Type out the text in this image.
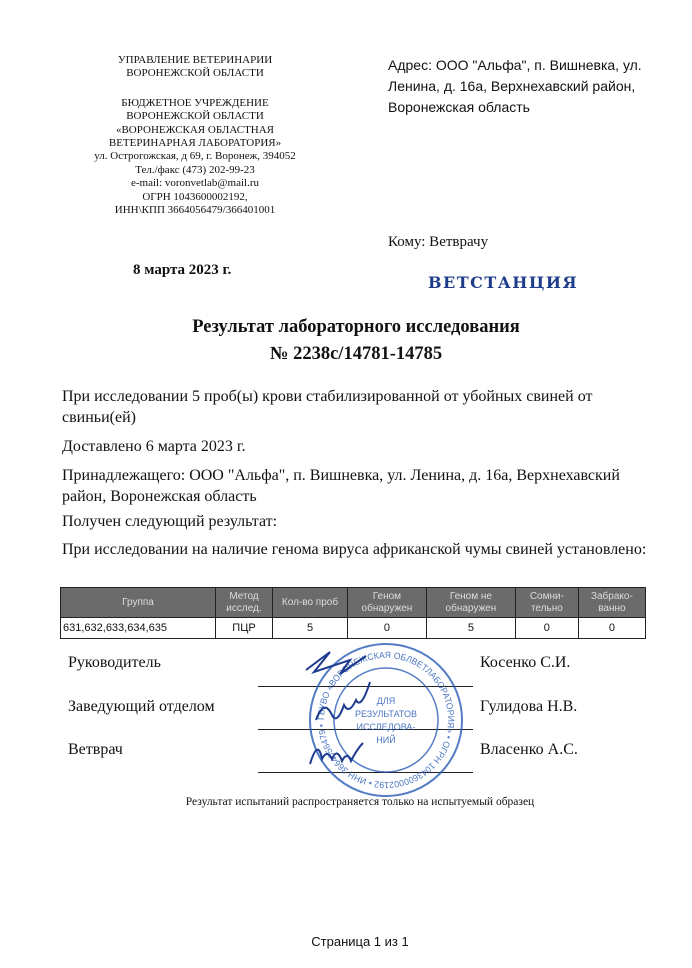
УПРАВЛЕНИЕ ВЕТЕРИНАРИИ
ВОРОНЕЖСКОЙ ОБЛАСТИ
БЮДЖЕТНОЕ УЧРЕЖДЕНИЕ
ВОРОНЕЖСКОЙ ОБЛАСТИ
«ВОРОНЕЖСКАЯ ОБЛАСТНАЯ
ВЕТЕРИНАРНАЯ ЛАБОРАТОРИЯ»
ул. Острогожская, д 69, г. Воронеж, 394052
Тел./факс (473) 202-99-23
e-mail: voronvetlab@mail.ru
ОГРН 1043600002192,
ИНН\КПП 3664056479/366401001
Адрес: ООО "Альфа", п. Вишневка, ул. Ленина, д. 16а, Верхнехавский район, Воронежская область
Кому: Ветврачу
8 марта 2023 г.
ВЕТСТАНЦИЯ
Результат лабораторного исследования
№ 2238с/14781-14785
При исследовании 5 проб(ы) крови стабилизированной от убойных свиней от свиньи(ей)
Доставлено 6 марта 2023 г.
Принадлежащего: ООО "Альфа", п. Вишневка, ул. Ленина, д. 16а, Верхнехавский район, Воронежская область
Получен следующий результат:
При исследовании на наличие генома вируса африканской чумы свиней установлено:
Группа	Метод исслед.	Кол-во проб	Геном обнаружен	Геном не обнаружен	Сомни-тельно	Забрако-ванно
631,632,633,634,635	ПЦР	5	0	5	0	0
Руководитель	Косенко С.И.
Заведующий отделом	Гулидова Н.В.
Ветврач	Власенко А.С.
ГБУВО «ВОРОНЕЖСКАЯ ОБЛВЕТЛАБОРАТОРИЯ» • ОГРН 1043600002192 • ИНН 3664056479 •
ДЛЯ
РЕЗУЛЬТАТОВ
ИССЛЕДОВА-
НИЙ
Результат испытаний распространяется только на испытуемый образец
Страница 1 из 1
